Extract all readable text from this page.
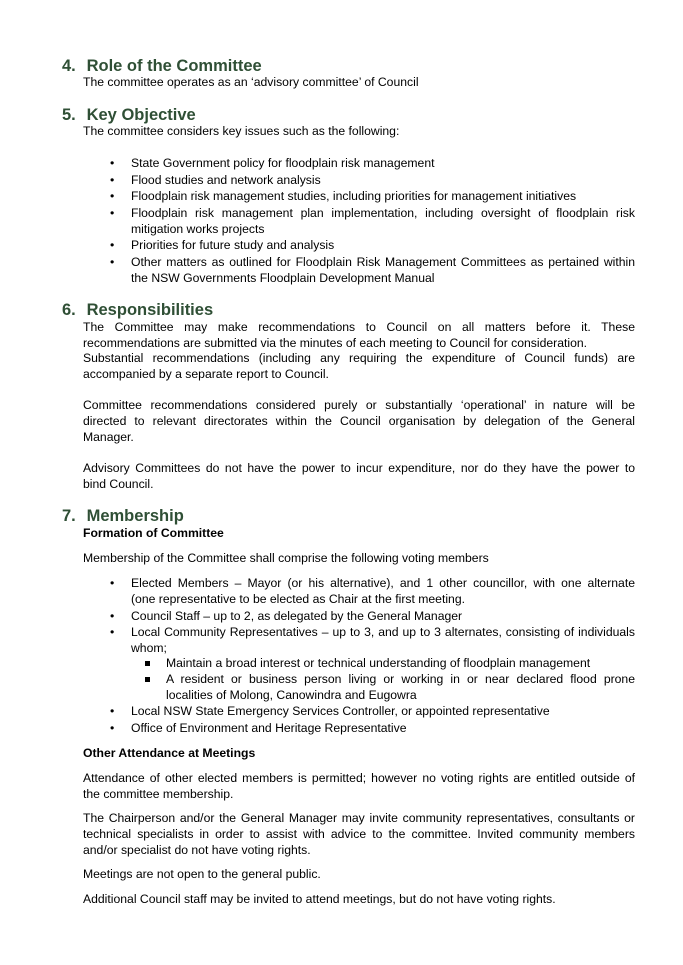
4. Role of the Committee

The committee operates as an ‘advisory committee’ of Council

5. Key Objective

The committee considers key issues such as the following:

• State Government policy for floodplain risk management
• Flood studies and network analysis
• Floodplain risk management studies, including priorities for management initiatives
• Floodplain risk management plan implementation, including oversight of floodplain risk
mitigation works projects
• Priorities for future study and analysis
• Other matters as outlined for Floodplain Risk Management Committees as pertained within
the NSW Governments Floodplain Development Manual
6. Responsibilities

The Committee may make recommendations to Council on all matters before it. These

recommendations are submitted via the minutes of each meeting to Council for consideration.

Substantial recommendations (including any requiring the expenditure of Council funds) are

accompanied by a separate report to Council.

Committee recommendations considered purely or substantially ‘operational’ in nature will be

directed to relevant directorates within the Council organisation by delegation of the General

Manager.

Advisory Committees do not have the power to incur expenditure, nor do they have the power to

bind Council.

7. Membership

Formation of Committee

Membership of the Committee shall comprise the following voting members

• Elected Members – Mayor (or his alternative), and 1 other councillor, with one alternate
(one representative to be elected as Chair at the first meeting.
• Council Staff – up to 2, as delegated by the General Manager
• Local Community Representatives – up to 3, and up to 3 alternates, consisting of individuals
whom;
Maintain a broad interest or technical understanding of floodplain management
A resident or business person living or working in or near declared flood prone
localities of Molong, Canowindra and Eugowra
• Local NSW State Emergency Services Controller, or appointed representative
• Office of Environment and Heritage Representative

Other Attendance at Meetings

Attendance of other elected members is permitted; however no voting rights are entitled outside of

the committee membership.

The Chairperson and/or the General Manager may invite community representatives, consultants or

technical specialists in order to assist with advice to the committee. Invited community members

and/or specialist do not have voting rights.

Meetings are not open to the general public.

Additional Council staff may be invited to attend meetings, but do not have voting rights.
